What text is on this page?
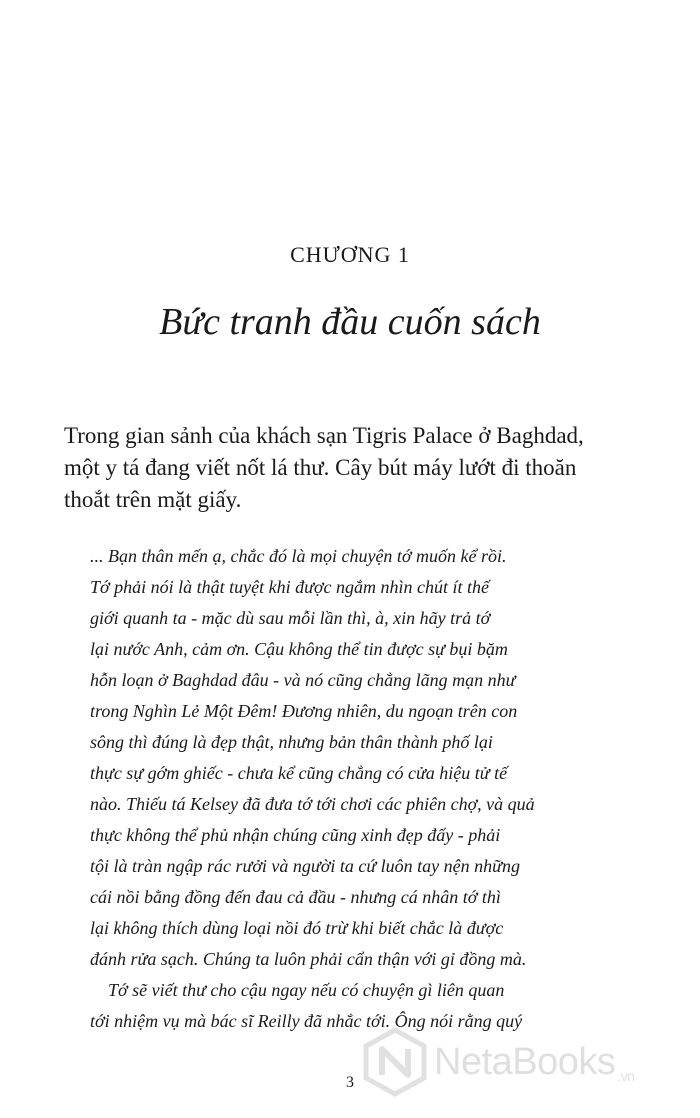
CHƯƠNG 1
Bức tranh đầu cuốn sách
Trong gian sảnh của khách sạn Tigris Palace ở Baghdad,
một y tá đang viết nốt lá thư. Cây bút máy lướt đi thoăn
thoắt trên mặt giấy.
... Bạn thân mến ạ, chắc đó là mọi chuyện tớ muốn kể rồi.
Tớ phải nói là thật tuyệt khi được ngắm nhìn chút ít thế
giới quanh ta - mặc dù sau mỗi lần thì, à, xin hãy trả tớ
lại nước Anh, cảm ơn. Cậu không thể tin được sự bụi bặm
hỗn loạn ở Baghdad đâu - và nó cũng chẳng lãng mạn như
trong Nghìn Lẻ Một Đêm! Đương nhiên, du ngoạn trên con
sông thì đúng là đẹp thật, nhưng bản thân thành phố lại
thực sự gớm ghiếc - chưa kể cũng chẳng có cửa hiệu tử tế
nào. Thiếu tá Kelsey đã đưa tớ tới chơi các phiên chợ, và quả
thực không thể phủ nhận chúng cũng xinh đẹp đấy - phải
tội là tràn ngập rác rưởi và người ta cứ luôn tay nện những
cái nồi bằng đồng đến đau cả đầu - nhưng cá nhân tớ thì
lại không thích dùng loại nồi đó trừ khi biết chắc là được
đánh rửa sạch. Chúng ta luôn phải cẩn thận với gỉ đồng mà.
Tớ sẽ viết thư cho cậu ngay nếu có chuyện gì liên quan
tới nhiệm vụ mà bác sĩ Reilly đã nhắc tới. Ông nói rằng quý
3	NetaBooks .vn
